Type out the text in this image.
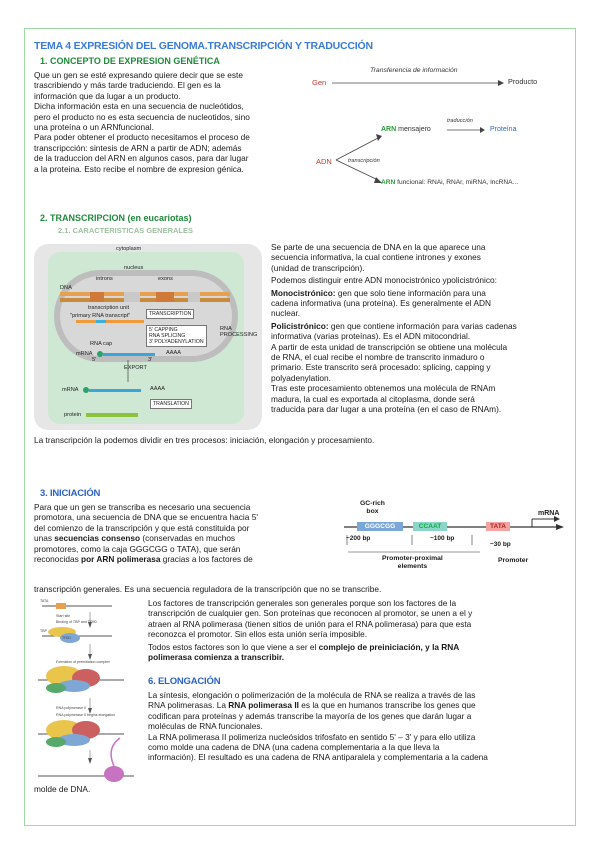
TEMA 4 EXPRESIÓN DEL GENOMA.TRANSCRIPCIÓN Y TRADUCCIÓN
1. CONCEPTO DE EXPRESION GENÉTICA
Que un gen se esté expresando quiere decir que se este
trascribiendo y más tarde traduciendo. El gen es la
información que da lugar a un producto.
Dicha información esta en una secuencia de nucleótidos,
pero el producto no es esta secuencia de nucleotidos, sino
una proteína o un ARNfuncional.
Para poder obtener el producto necesitamos el proceso de
transcripcción: sintesis de ARN a partir de ADN; además
de la traduccion del ARN en algunos casos, para dar lugar
a la proteina. Esto recibe el nombre de expresion génica.
Gen
Transferencia de información
Producto
ADN	transcripción
ARN mensajero
traducción
Proteína
ARN funcional: RNAi, RNAr, miRNA, lncRNA...
2. TRANSCRIPCION (en eucariotas)
2.1. CARACTERISTICAS GENERALES
cytoplasm
nucleus
introns	exons
DNA
transcription unit
"primary RNA transcript"	TRANSCRIPTION
5' CAPPING
RNA SPLICING
3' POLYADENYLATION
RNA
PROCESSING
RNA cap
mRNA
5'
AAAA
3'
EXPORT
mRNA	AAAA
TRANSLATION
protein
Se parte de una secuencia de DNA en la que aparece una
secuencia informativa, la cual contiene intrones y exones
(unidad de transcripción).
Podemos distinguir entre ADN monocistrónico ypolicistrónico:
Monocistrónico: gen que solo tiene información para una
cadena informativa (una proteína). Es generalmente el ADN
nuclear.
Policistrónico: gen que contiene información para varias cadenas
informativa (varias proteínas). Es el ADN mitocondrial.
A partir de esta unidad de transcripción se obtiene una molécula
de RNA, el cual recibe el nombre de transcrito inmaduro o
primario. Este transcrito será procesado: splicing, capping y
polyadenylation.
Tras este procesamiento obtenemos una molécula de RNAm
madura, la cual es exportada al citoplasma, donde será
traducida para dar lugar a una proteína (en el caso de RNAm).
La transcripción la podemos dividir en tres procesos: iniciación, elongación y procesamiento.
3. INICIACIÓN
Para que un gen se transcriba es necesario una secuencia
promotora, una secuencia de DNA que se encuentra hacia 5'
del comienzo de la transcripción y que está constituida por
unas secuencias consenso (conservadas en muchos
promotores, como la caja GGGCGG o TATA), que serán
reconocidas por ARN polimerasa gracias a los factores de
transcripción generales. Es una secuencia reguladora de la transcripción que no se transcribe.
GC-rich
box
GGGCGG	CCAAT	TATA
mRNA
~200 bp	~100 bp
~30 bp
Promoter-proximal
elements
Promoter
TATA
Start site
Binding of TBP and TFIID
TBP
TFIID
Formation of preinitiation complex
RNA polymerase II
RNA polymerase II begins elongation
Los factores de transcripción generales son generales porque son los factores de la
transcripción de cualquier gen. Son proteínas que reconocen al promotor, se unen a el y
atraen al RNA polimerasa (tienen sitios de unión para el RNA polimerasa) para que esta
reconozca el promotor. Sin ellos esta unión sería imposible.
Todos estos factores son lo que viene a ser el complejo de preiniciación, y la RNA
polimerasa comienza a transcribir.
6. ELONGACIÓN
La síntesis, elongación o polimerización de la molécula de RNA se realiza a través de las
RNA polimerasas. La RNA polimerasa II es la que en humanos transcribe los genes que
codifican para proteínas y además transcribe la mayoría de los genes que darán lugar a
moléculas de RNA funcionales.
La RNA polimerasa II polimeriza nucleósidos trifosfato en sentido 5' – 3' y para ello utiliza
como molde una cadena de DNA (una cadena complementaria a la que lleva la
información). El resultado es una cadena de RNA antiparalela y complementaria a la cadena
molde de DNA.
